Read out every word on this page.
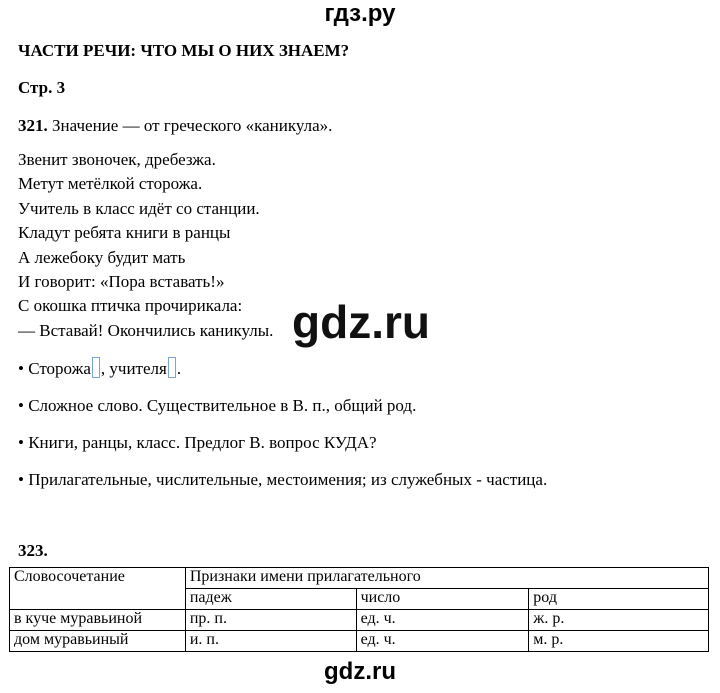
гдз.ру
ЧАСТИ РЕЧИ: ЧТО МЫ О НИХ ЗНАЕМ?
Стр. 3
321. Значение — от греческого «каникула».
Звенит звоночек, дребезжа.
Метут метёлкой сторожа.
Учитель в класс идёт со станции.
Кладут ребята книги в ранцы
А лежебоку будит мать
И говорит: «Пора вставать!»
С окошка птичка прочирикала:
— Вставай! Окончились каникулы. gdz.ru
• Сторожа , учителя .
• Сложное слово. Существительное в В. п., общий род.
• Книги, ранцы, класс. Предлог В. вопрос КУДА?
• Прилагательные, числительные, местоимения; из служебных - частица.
323.
Словосочетание	Признаки имени прилагательного		
	падеж	число	род
в куче муравьиной	пр. п.	ед. ч.	ж. р.
дом муравьиный	и. п.	ед. ч.	м. р.
gdz.ru
